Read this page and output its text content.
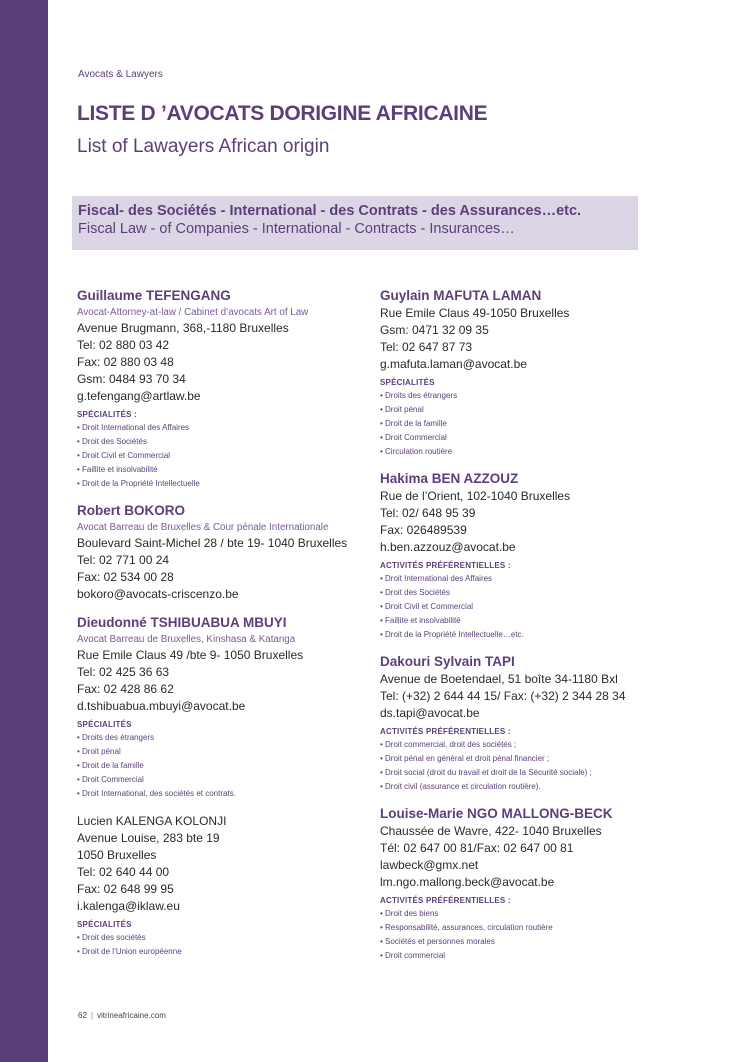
Avocats & Lawyers
LISTE D ’AVOCATS DORIGINE AFRICAINE
List of Lawayers African origin
Fiscal- des Sociétés - International - des Contrats - des Assurances…etc.
Fiscal Law - of Companies - International - Contracts - Insurances…
Guillaume TEFENGANG
Avocat-Attorney-at-law / Cabinet d’avocats Art of Law
Avenue Brugmann, 368,-1180 Bruxelles
Tel: 02 880 03 42
Fax: 02 880 03 48
Gsm: 0484 93 70 34
g.tefengang@artlaw.be
SPÉCIALITÉS :
• Droit International des Affaires
• Droit des Sociétés
• Droit Civil et Commercial
• Faillite et insolvabilité
• Droit de la Propriété Intellectuelle
Robert BOKORO
Avocat Barreau de Bruxelles & Cour pénale Internationale
Boulevard Saint-Michel 28 / bte 19- 1040 Bruxelles
Tel: 02 771 00 24
Fax: 02 534 00 28
bokoro@avocats-criscenzo.be
Dieudonné TSHIBUABUA MBUYI
Avocat Barreau de Bruxelles, Kinshasa & Katanga
Rue Emile Claus 49 /bte 9- 1050 Bruxelles
Tel: 02 425 36 63
Fax: 02 428 86 62
d.tshibuabua.mbuyi@avocat.be
SPÉCIALITÉS
• Droits des étrangers
• Droit pénal
• Droit de la famille
• Droit Commercial
• Droit International, des sociétés et contrats.
Lucien KALENGA KOLONJI
Avenue Louise, 283 bte 19
1050 Bruxelles
Tel: 02 640 44 00
Fax: 02 648 99 95
i.kalenga@iklaw.eu
SPÉCIALITÉS
• Droit des sociétés
• Droit de l’Union européenne
Guylain MAFUTA LAMAN
Rue Emile Claus 49-1050 Bruxelles
Gsm: 0471 32 09 35
Tel: 02 647 87 73
g.mafuta.laman@avocat.be
SPÉCIALITÉS
• Droits des étrangers
• Droit pénal
• Droit de la famille
• Droit Commercial
• Circulation routière
Hakima BEN AZZOUZ
Rue de l’Orient, 102-1040 Bruxelles
Tel: 02/ 648 95 39
Fax: 026489539
h.ben.azzouz@avocat.be
ACTIVITÉS PRÉFÉRENTIELLES :
• Droit International des Affaires
• Droit des Sociétés
• Droit Civil et Commercial
• Faillite et insolvabilité
• Droit de la Propriété Intellectuelle…etc.
Dakouri Sylvain TAPI
Avenue de Boetendael, 51 boîte 34-1180 Bxl
Tel: (+32) 2 644 44 15/ Fax: (+32) 2 344 28 34
ds.tapi@avocat.be
ACTIVITÉS PRÉFÉRENTIELLES :
• Droit commercial, droit des sociétés ;
• Droit pénal en général et droit pénal financier ;
• Droit social (droit du travail et droit de la Sécurité sociale) ;
• Droit civil (assurance et circulation routière).
Louise-Marie NGO MALLONG-BECK
Chaussée de Wavre, 422- 1040 Bruxelles
Tél: 02 647 00 81/Fax: 02 647 00 81
lawbeck@gmx.net
lm.ngo.mallong.beck@avocat.be
ACTIVITÉS PRÉFÉRENTIELLES :
• Droit des biens
• Responsabilité, assurances, circulation routière
• Sociétés et personnes morales
• Droit commercial
62 | vitrineafricaine.com
